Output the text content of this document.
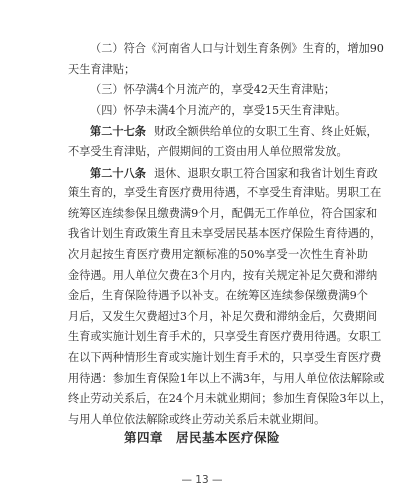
（二）符合《河南省人口与计划生育条例》生育的，增加90
天生育津贴；
（三）怀孕满4个月流产的，享受42天生育津贴；
（四）怀孕未满4个月流产的，享受15天生育津贴。
第二十七条 财政全额供给单位的女职工生育、终止妊娠，
不享受生育津贴，产假期间的工资由用人单位照常发放。
第二十八条 退休、退职女职工符合国家和我省计划生育政
策生育的，享受生育医疗费用待遇，不享受生育津贴。男职工在
统筹区连续参保且缴费满9个月，配偶无工作单位，符合国家和
我省计划生育政策生育且未享受居民基本医疗保险生育待遇的，
次月起按生育医疗费用定额标准的50%享受一次性生育补助
金待遇。用人单位欠费在3个月内，按有关规定补足欠费和滞纳
金后，生育保险待遇予以补支。在统筹区连续参保缴费满9个
月后，又发生欠费超过3个月，补足欠费和滞纳金后，欠费期间
生育或实施计划生育手术的，只享受生育医疗费用待遇。女职工
在以下两种情形生育或实施计划生育手术的，只享受生育医疗费
用待遇：参加生育保险1年以上不满3年，与用人单位依法解除或
终止劳动关系后，在24个月未就业期间；参加生育保险3年以上，
与用人单位依法解除或终止劳动关系后未就业期间。
第四章　居民基本医疗保险
— 13 —
